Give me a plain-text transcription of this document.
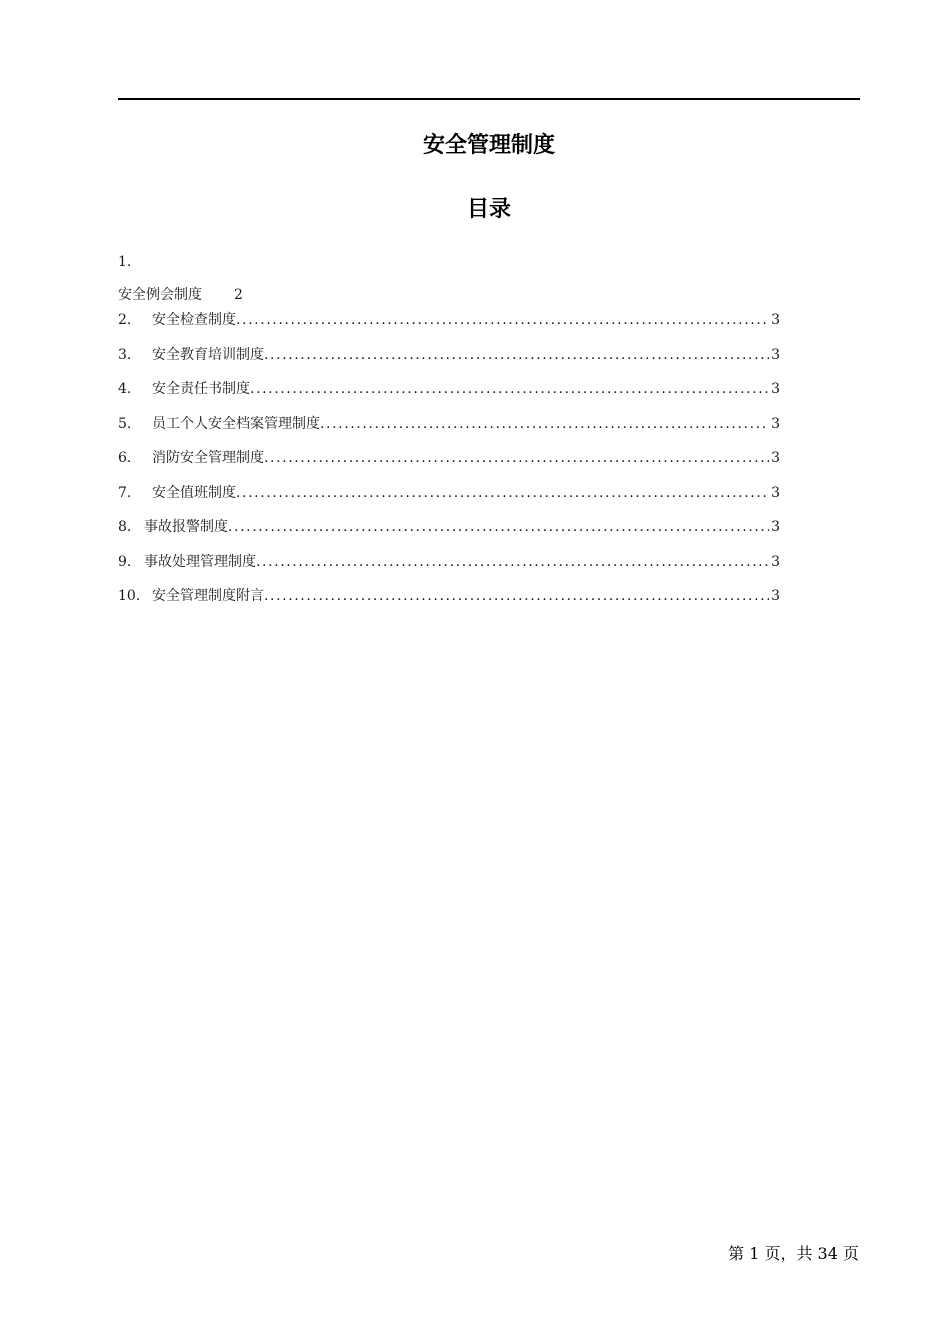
安全管理制度
目录
1.
安全例会制度 2
2.	安全检查制度 .....	3
3.	安全教育培训制度 .....	3
4.	安全责任书制度 .....	3
5.	员工个人安全档案管理制度 .....	3
6.	消防安全管理制度 .....	3
7.	安全值班制度 .....	3
8. 事故报警制度 .....	3
9. 事故处理管理制度 .....	3
10. 安全管理制度附言 .....	3
第 1 页，共 34 页
